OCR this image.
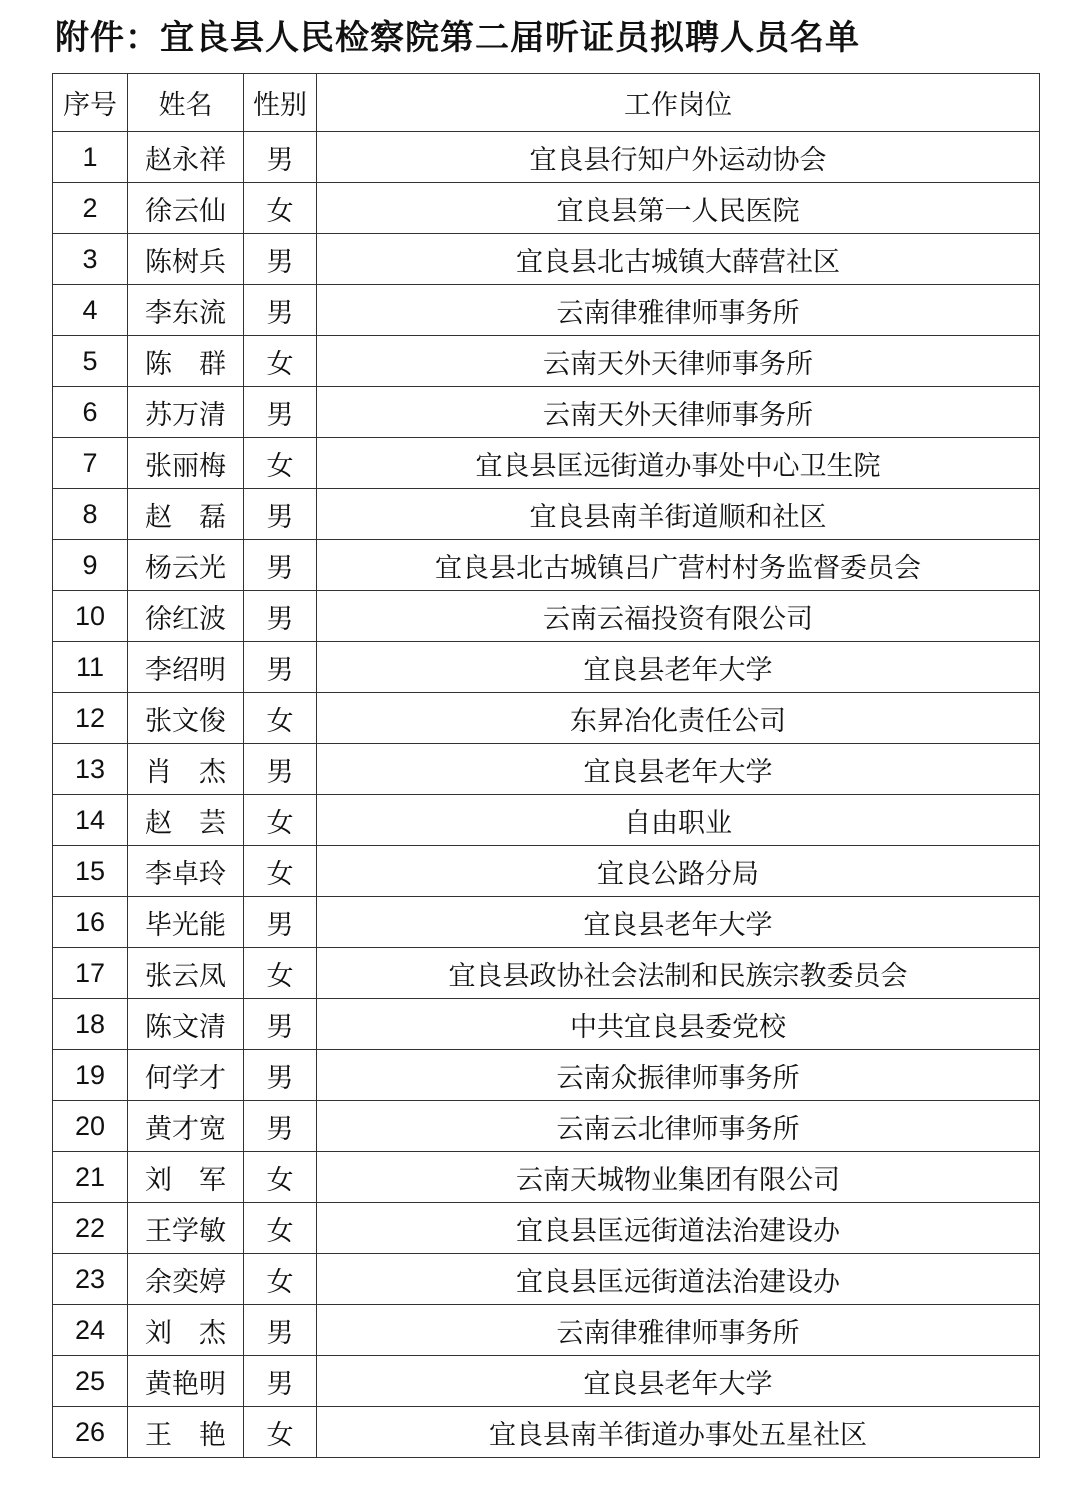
附件：宜良县人民检察院第二届听证员拟聘人员名单
序号	姓名	性别	工作岗位
1	赵永祥	男	宜良县行知户外运动协会
2	徐云仙	女	宜良县第一人民医院
3	陈树兵	男	宜良县北古城镇大薛营社区
4	李东流	男	云南律雅律师事务所
5	陈　群	女	云南天外天律师事务所
6	苏万清	男	云南天外天律师事务所
7	张丽梅	女	宜良县匡远街道办事处中心卫生院
8	赵　磊	男	宜良县南羊街道顺和社区
9	杨云光	男	宜良县北古城镇吕广营村村务监督委员会
10	徐红波	男	云南云福投资有限公司
11	李绍明	男	宜良县老年大学
12	张文俊	女	东昇冶化责任公司
13	肖　杰	男	宜良县老年大学
14	赵　芸	女	自由职业
15	李卓玲	女	宜良公路分局
16	毕光能	男	宜良县老年大学
17	张云凤	女	宜良县政协社会法制和民族宗教委员会
18	陈文清	男	中共宜良县委党校
19	何学才	男	云南众振律师事务所
20	黄才宽	男	云南云北律师事务所
21	刘　军	女	云南天城物业集团有限公司
22	王学敏	女	宜良县匡远街道法治建设办
23	余奕婷	女	宜良县匡远街道法治建设办
24	刘　杰	男	云南律雅律师事务所
25	黄艳明	男	宜良县老年大学
26	王　艳	女	宜良县南羊街道办事处五星社区
